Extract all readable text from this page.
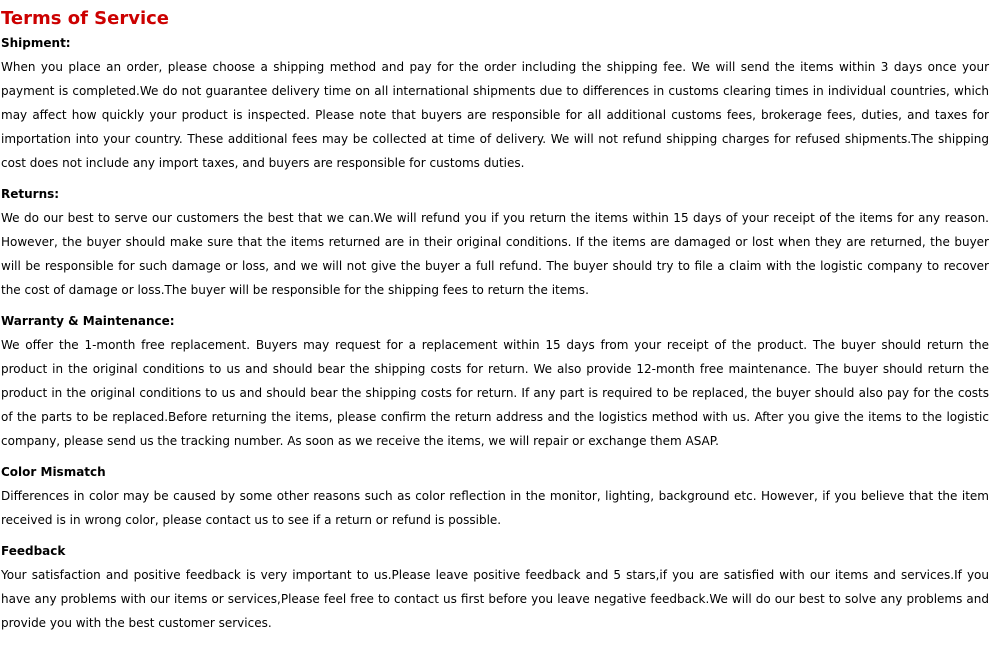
Terms of Service
Shipment:

When you place an order, please choose a shipping method and pay for the order including the shipping fee. We will send the items within 3 days once your payment is completed.We do not guarantee delivery time on all international shipments due to differences in customs clearing times in individual countries, which may affect how quickly your product is inspected. Please note that buyers are responsible for all additional customs fees, brokerage fees, duties, and taxes for importation into your country. These additional fees may be collected at time of delivery. We will not refund shipping charges for refused shipments.The shipping cost does not include any import taxes, and buyers are responsible for customs duties.

Returns:

We do our best to serve our customers the best that we can.We will refund you if you return the items within 15 days of your receipt of the items for any reason. However, the buyer should make sure that the items returned are in their original conditions. If the items are damaged or lost when they are returned, the buyer will be responsible for such damage or loss, and we will not give the buyer a full refund. The buyer should try to file a claim with the logistic company to recover the cost of damage or loss.The buyer will be responsible for the shipping fees to return the items.

Warranty & Maintenance:

We offer the 1-month free replacement. Buyers may request for a replacement within 15 days from your receipt of the product. The buyer should return the product in the original conditions to us and should bear the shipping costs for return. We also provide 12-month free maintenance. The buyer should return the product in the original conditions to us and should bear the shipping costs for return. If any part is required to be replaced, the buyer should also pay for the costs of the parts to be replaced.Before returning the items, please confirm the return address and the logistics method with us. After you give the items to the logistic company, please send us the tracking number. As soon as we receive the items, we will repair or exchange them ASAP.

Color Mismatch

Differences in color may be caused by some other reasons such as color reflection in the monitor, lighting, background etc. However, if you believe that the item received is in wrong color, please contact us to see if a return or refund is possible.

Feedback

Your satisfaction and positive feedback is very important to us.Please leave positive feedback and 5 stars,if you are satisfied with our items and services.If you have any problems with our items or services,Please feel free to contact us first before you leave negative feedback.We will do our best to solve any problems and provide you with the best customer services.
